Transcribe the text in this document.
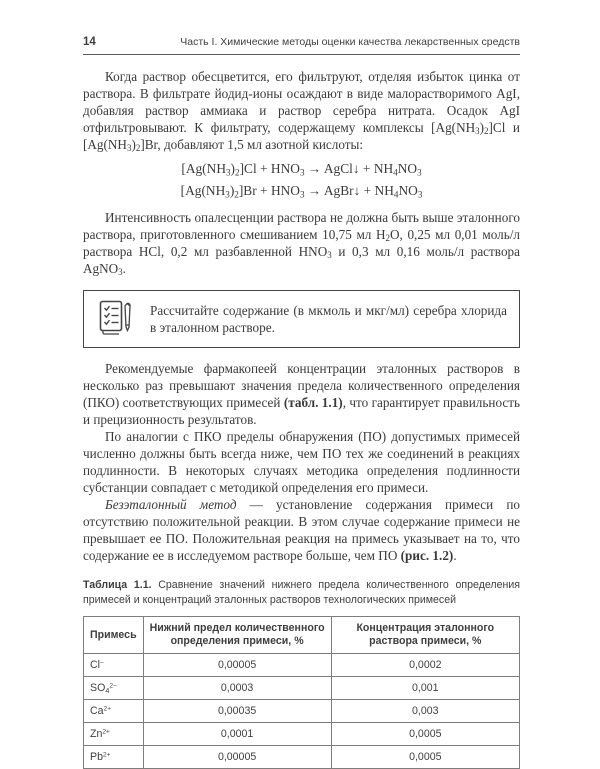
14	Часть I. Химические методы оценки качества лекарственных средств

Когда раствор обесцветится, его фильтруют, отделяя избыток цинка от раствора. В фильтрате йодид-ионы осаждают в виде малорастворимого AgI, добавляя раствор аммиака и раствор серебра нитрата. Осадок AgI отфильтровывают. К фильтрату, содержащему комплексы $[Ag(NH_3)_2]Cl$ и $[Ag(NH_3)_2]Br$, добавляют 1,5 мл азотной кислоты:

$[Ag(NH_3)_2]Cl + HNO_3$ → AgCl↓ + $NH_4NO_3$
$[Ag(NH_3)_2]Br + HNO_3$ → AgBr↓ + $NH_4NO_3$

Интенсивность опалесценции раствора не должна быть выше эталонного раствора, приготовленного смешиванием 10,75 мл $H_2O$, 0,25 мл 0,01 моль/л раствора HCl, 0,2 мл разбавленной $HNO_3$ и 0,3 мл 0,16 моль/л раствора AgNO$_3$.

Рассчитайте содержание (в мкмоль и мкг/мл) серебра хлорида в эталонном растворе.

Рекомендуемые фармакопеей концентрации эталонных растворов в несколько раз превышают значения предела количественного определения (ПКО) соответствующих примесей (табл. 1.1), что гарантирует правильность и прецизионность результатов.

По аналогии с ПКО пределы обнаружения (ПО) допустимых примесей численно должны быть всегда ниже, чем ПО тех же соединений в реакциях подлинности. В некоторых случаях методика определения подлинности субстанции совпадает с методикой определения его примеси.

Безэталонный метод — установление содержания примеси по отсутствию положительной реакции. В этом случае содержание примеси не превышает ее ПО. Положительная реакция на примесь указывает на то, что содержание ее в исследуемом растворе больше, чем ПО (рис. 1.2).

Таблица 1.1. Сравнение значений нижнего предела количественного определения примесей и концентраций эталонных растворов технологических примесей
Примесь	Нижний предел количественного определения примеси, %	Концентрация эталонного раствора примеси, %
Cl−	0,00005	0,0002
$SO_4^{2-}$	0,0003	0,001
$Ca^{2+}$	0,00035	0,003
$Zn^{2+}$	0,0001	0,0005
$Pb^{2+}$	0,00005	0,0005
